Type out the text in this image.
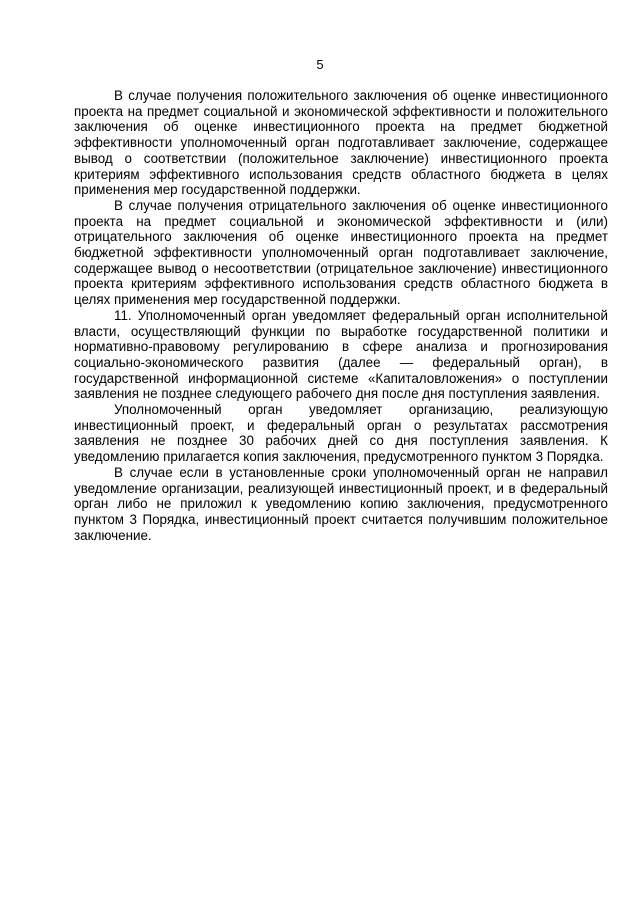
5

В случае получения положительного заключения об оценке инвестиционного проекта на предмет социальной и экономической эффективности и положительного заключения об оценке инвестиционного проекта на предмет бюджетной эффективности уполномоченный орган подготавливает заключение, содержащее вывод о соответствии (положительное заключение) инвестиционного проекта критериям эффективного использования средств областного бюджета в целях применения мер государственной поддержки.

В случае получения отрицательного заключения об оценке инвестиционного проекта на предмет социальной и экономической эффективности и (или) отрицательного заключения об оценке инвестиционного проекта на предмет бюджетной эффективности уполномоченный орган подготавливает заключение, содержащее вывод о несоответствии (отрицательное заключение) инвестиционного проекта критериям эффективного использования средств областного бюджета в целях применения мер государственной поддержки.

11. Уполномоченный орган уведомляет федеральный орган исполнительной власти, осуществляющий функции по выработке государственной политики и нормативно-правовому регулированию в сфере анализа и прогнозирования социально-экономического развития (далее — федеральный орган), в государственной информационной системе «Капиталовложения» о поступлении заявления не позднее следующего рабочего дня после дня поступления заявления.

Уполномоченный орган уведомляет организацию, реализующую инвестиционный проект, и федеральный орган о результатах рассмотрения заявления не позднее 30 рабочих дней со дня поступления заявления. К уведомлению прилагается копия заключения, предусмотренного пунктом 3 Порядка.

В случае если в установленные сроки уполномоченный орган не направил уведомление организации, реализующей инвестиционный проект, и в федеральный орган либо не приложил к уведомлению копию заключения, предусмотренного пунктом 3 Порядка, инвестиционный проект считается получившим положительное заключение.
